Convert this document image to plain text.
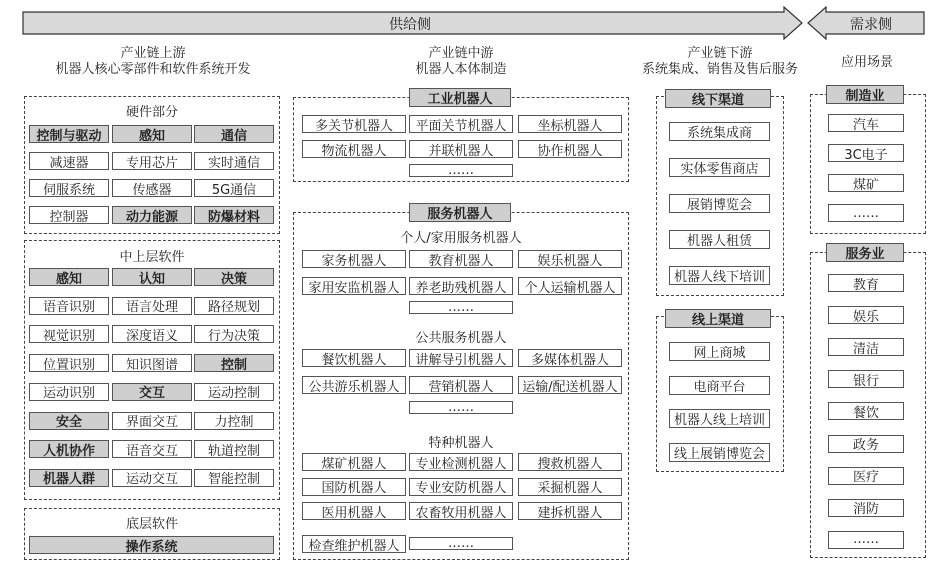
供给侧	需求侧
产业链上游
机器人核心零部件和软件系统开发
产业链中游
机器人本体制造
产业链下游
系统集成、销售及售后服务	应用场景
硬件部分
控制与驱动	感知	通信
减速器	专用芯片	实时通信
伺服系统	传感器	5G通信
控制器	动力能源	防爆材料
中上层软件
感知	认知	决策
语音识别	语言处理	路径规划
视觉识别	深度语义	行为决策
位置识别	知识图谱	控制
运动识别	交互	运动控制
安全	界面交互	力控制
人机协作	语音交互	轨道控制
机器人群	运动交互	智能控制
底层软件
操作系统
工业机器人
多关节机器人	平面关节机器人	坐标机器人
物流机器人	并联机器人	协作机器人
……
服务机器人
个人/家用服务机器人
公共服务机器人
特种机器人
家务机器人	教育机器人	娱乐机器人
家用安监机器人	养老助残机器人	个人运输机器人
……
餐饮机器人	讲解导引机器人	多媒体机器人
公共游乐机器人	营销机器人	运输/配送机器人
……
煤矿机器人	专业检测机器人	搜救机器人
国防机器人	专业安防机器人	采掘机器人
医用机器人	农畜牧用机器人	建拆机器人
检查维护机器人	……
线下渠道
系统集成商
实体零售商店
展销博览会
机器人租赁
机器人线下培训
线上渠道
网上商城
电商平台
机器人线上培训
线上展销博览会
制造业
汽车
3C电子
煤矿
……
服务业
教育
娱乐
清洁
银行
餐饮
政务
医疗
消防
……
